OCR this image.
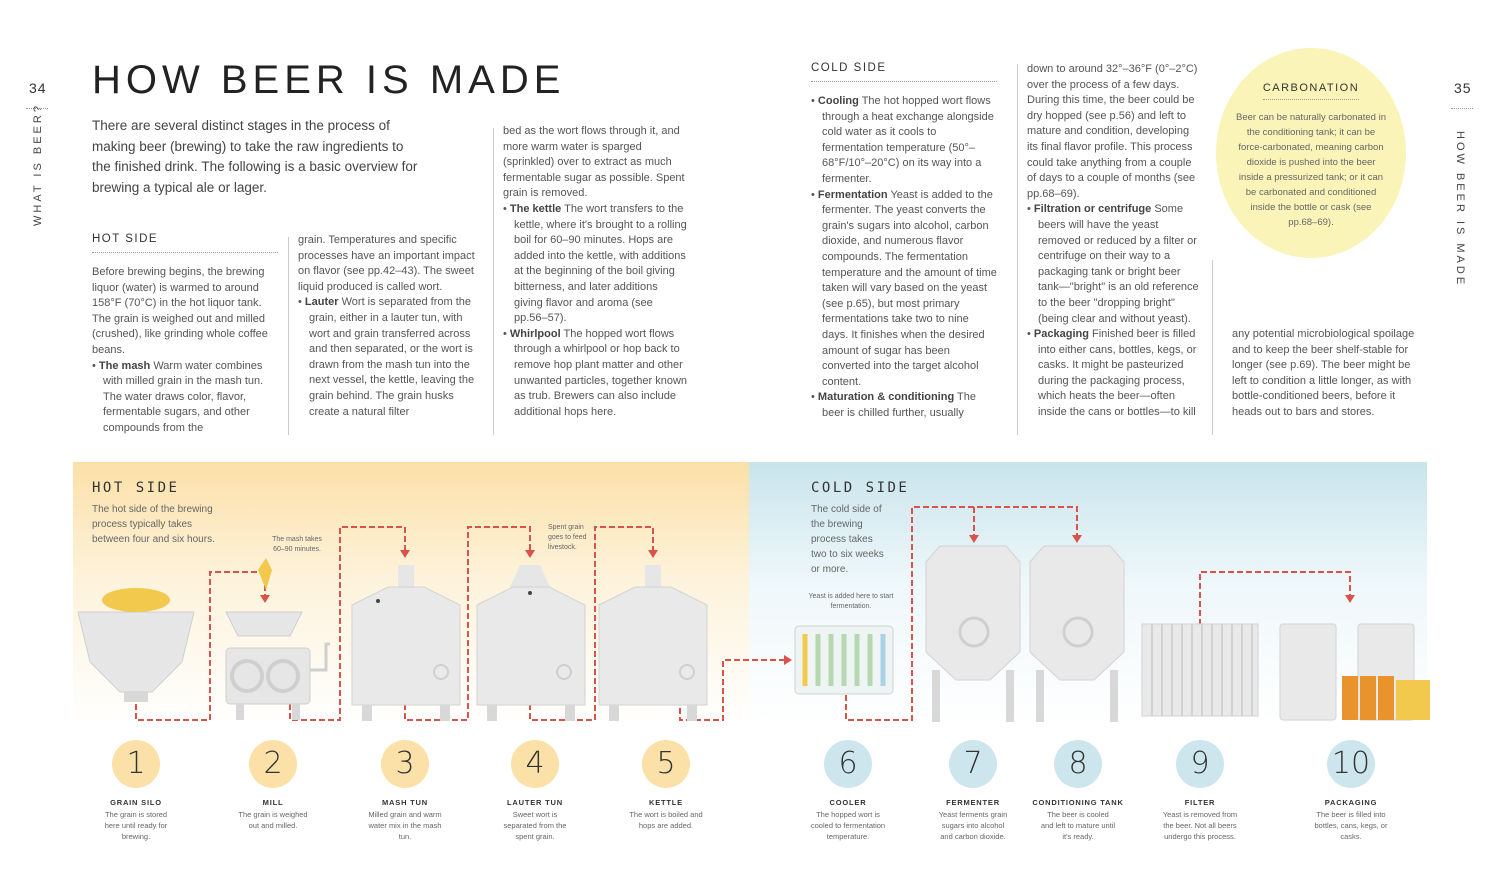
34
WHAT IS BEER?
35
HOW BEER IS MADE
HOW BEER IS MADE
There are several distinct stages in the process of making beer (brewing) to take the raw ingredients to the finished drink. The following is a basic overview for brewing a typical ale or lager.
HOT SIDE

Before brewing begins, the brewing liquor (water) is warmed to around 158°F (70°C) in the hot liquor tank. The grain is weighed out and milled (crushed), like grinding whole coffee beans.

• The mash Warm water combines with milled grain in the mash tun. The water draws color, flavor, fermentable sugars, and other compounds from the

grain. Temperatures and specific processes have an important impact on flavor (see pp.42–43). The sweet liquid produced is called wort.

• Lauter Wort is separated from the grain, either in a lauter tun, with wort and grain transferred across and then separated, or the wort is drawn from the mash tun into the next vessel, the kettle, leaving the grain behind. The grain husks create a natural filter

bed as the wort flows through it, and more warm water is sparged (sprinkled) over to extract as much fermentable sugar as possible. Spent grain is removed.

• The kettle The wort transfers to the kettle, where it's brought to a rolling boil for 60–90 minutes. Hops are added into the kettle, with additions at the beginning of the boil giving bitterness, and later additions giving flavor and aroma (see pp.56–57).

• Whirlpool The hopped wort flows through a whirlpool or hop back to remove hop plant matter and other unwanted particles, together known as trub. Brewers can also include additional hops here.

COLD SIDE

• Cooling The hot hopped wort flows through a heat exchange alongside cold water as it cools to fermentation temperature (50°–68°F/10°–20°C) on its way into a fermenter.

• Fermentation Yeast is added to the fermenter. The yeast converts the grain's sugars into alcohol, carbon dioxide, and numerous flavor compounds. The fermentation temperature and the amount of time taken will vary based on the yeast (see p.65), but most primary fermentations take two to nine days. It finishes when the desired amount of sugar has been converted into the target alcohol content.

• Maturation & conditioning The beer is chilled further, usually

down to around 32°–36°F (0°–2°C) over the process of a few days. During this time, the beer could be dry hopped (see p.56) and left to mature and condition, developing its final flavor profile. This process could take anything from a couple of days to a couple of months (see pp.68–69).

• Filtration or centrifuge Some beers will have the yeast removed or reduced by a filter or centrifuge on their way to a packaging tank or bright beer tank—"bright" is an old reference to the beer "dropping bright" (being clear and without yeast).

• Packaging Finished beer is filled into either cans, bottles, kegs, or casks. It might be pasteurized during the packaging process, which heats the beer—often inside the cans or bottles—to kill

any potential microbiological spoilage and to keep the beer shelf-stable for longer (see p.69). The beer might be left to condition a little longer, as with bottle-conditioned beers, before it heads out to bars and stores.

CARBONATION

Beer can be naturally carbonated in the conditioning tank; it can be force-carbonated, meaning carbon dioxide is pushed into the beer inside a pressurized tank; or it can be carbonated and conditioned inside the bottle or cask (see pp.68–69).

HOT SIDE
The hot side of the brewing process typically takes between four and six hours.
COLD SIDE
The cold side of the brewing process takes two to six weeks or more.
The mash takes 60–90 minutes.
Spent grain goes to feed livestock.
Yeast is added here to start fermentation.
1
GRAIN SILO
The grain is stored here until ready for brewing.
2
MILL
The grain is weighed out and milled.
3
MASH TUN
Milled grain and warm water mix in the mash tun.
4
LAUTER TUN
Sweet wort is separated from the spent grain.
5
KETTLE
The wort is boiled and hops are added.
6
COOLER
The hopped wort is cooled to fermentation temperature.
7
FERMENTER
Yeast ferments grain sugars into alcohol and carbon dioxide.
8
CONDITIONING TANK
The beer is cooled and left to mature until it's ready.
9
FILTER
Yeast is removed from the beer. Not all beers undergo this process.
10
PACKAGING
The beer is filled into bottles, cans, kegs, or casks.
